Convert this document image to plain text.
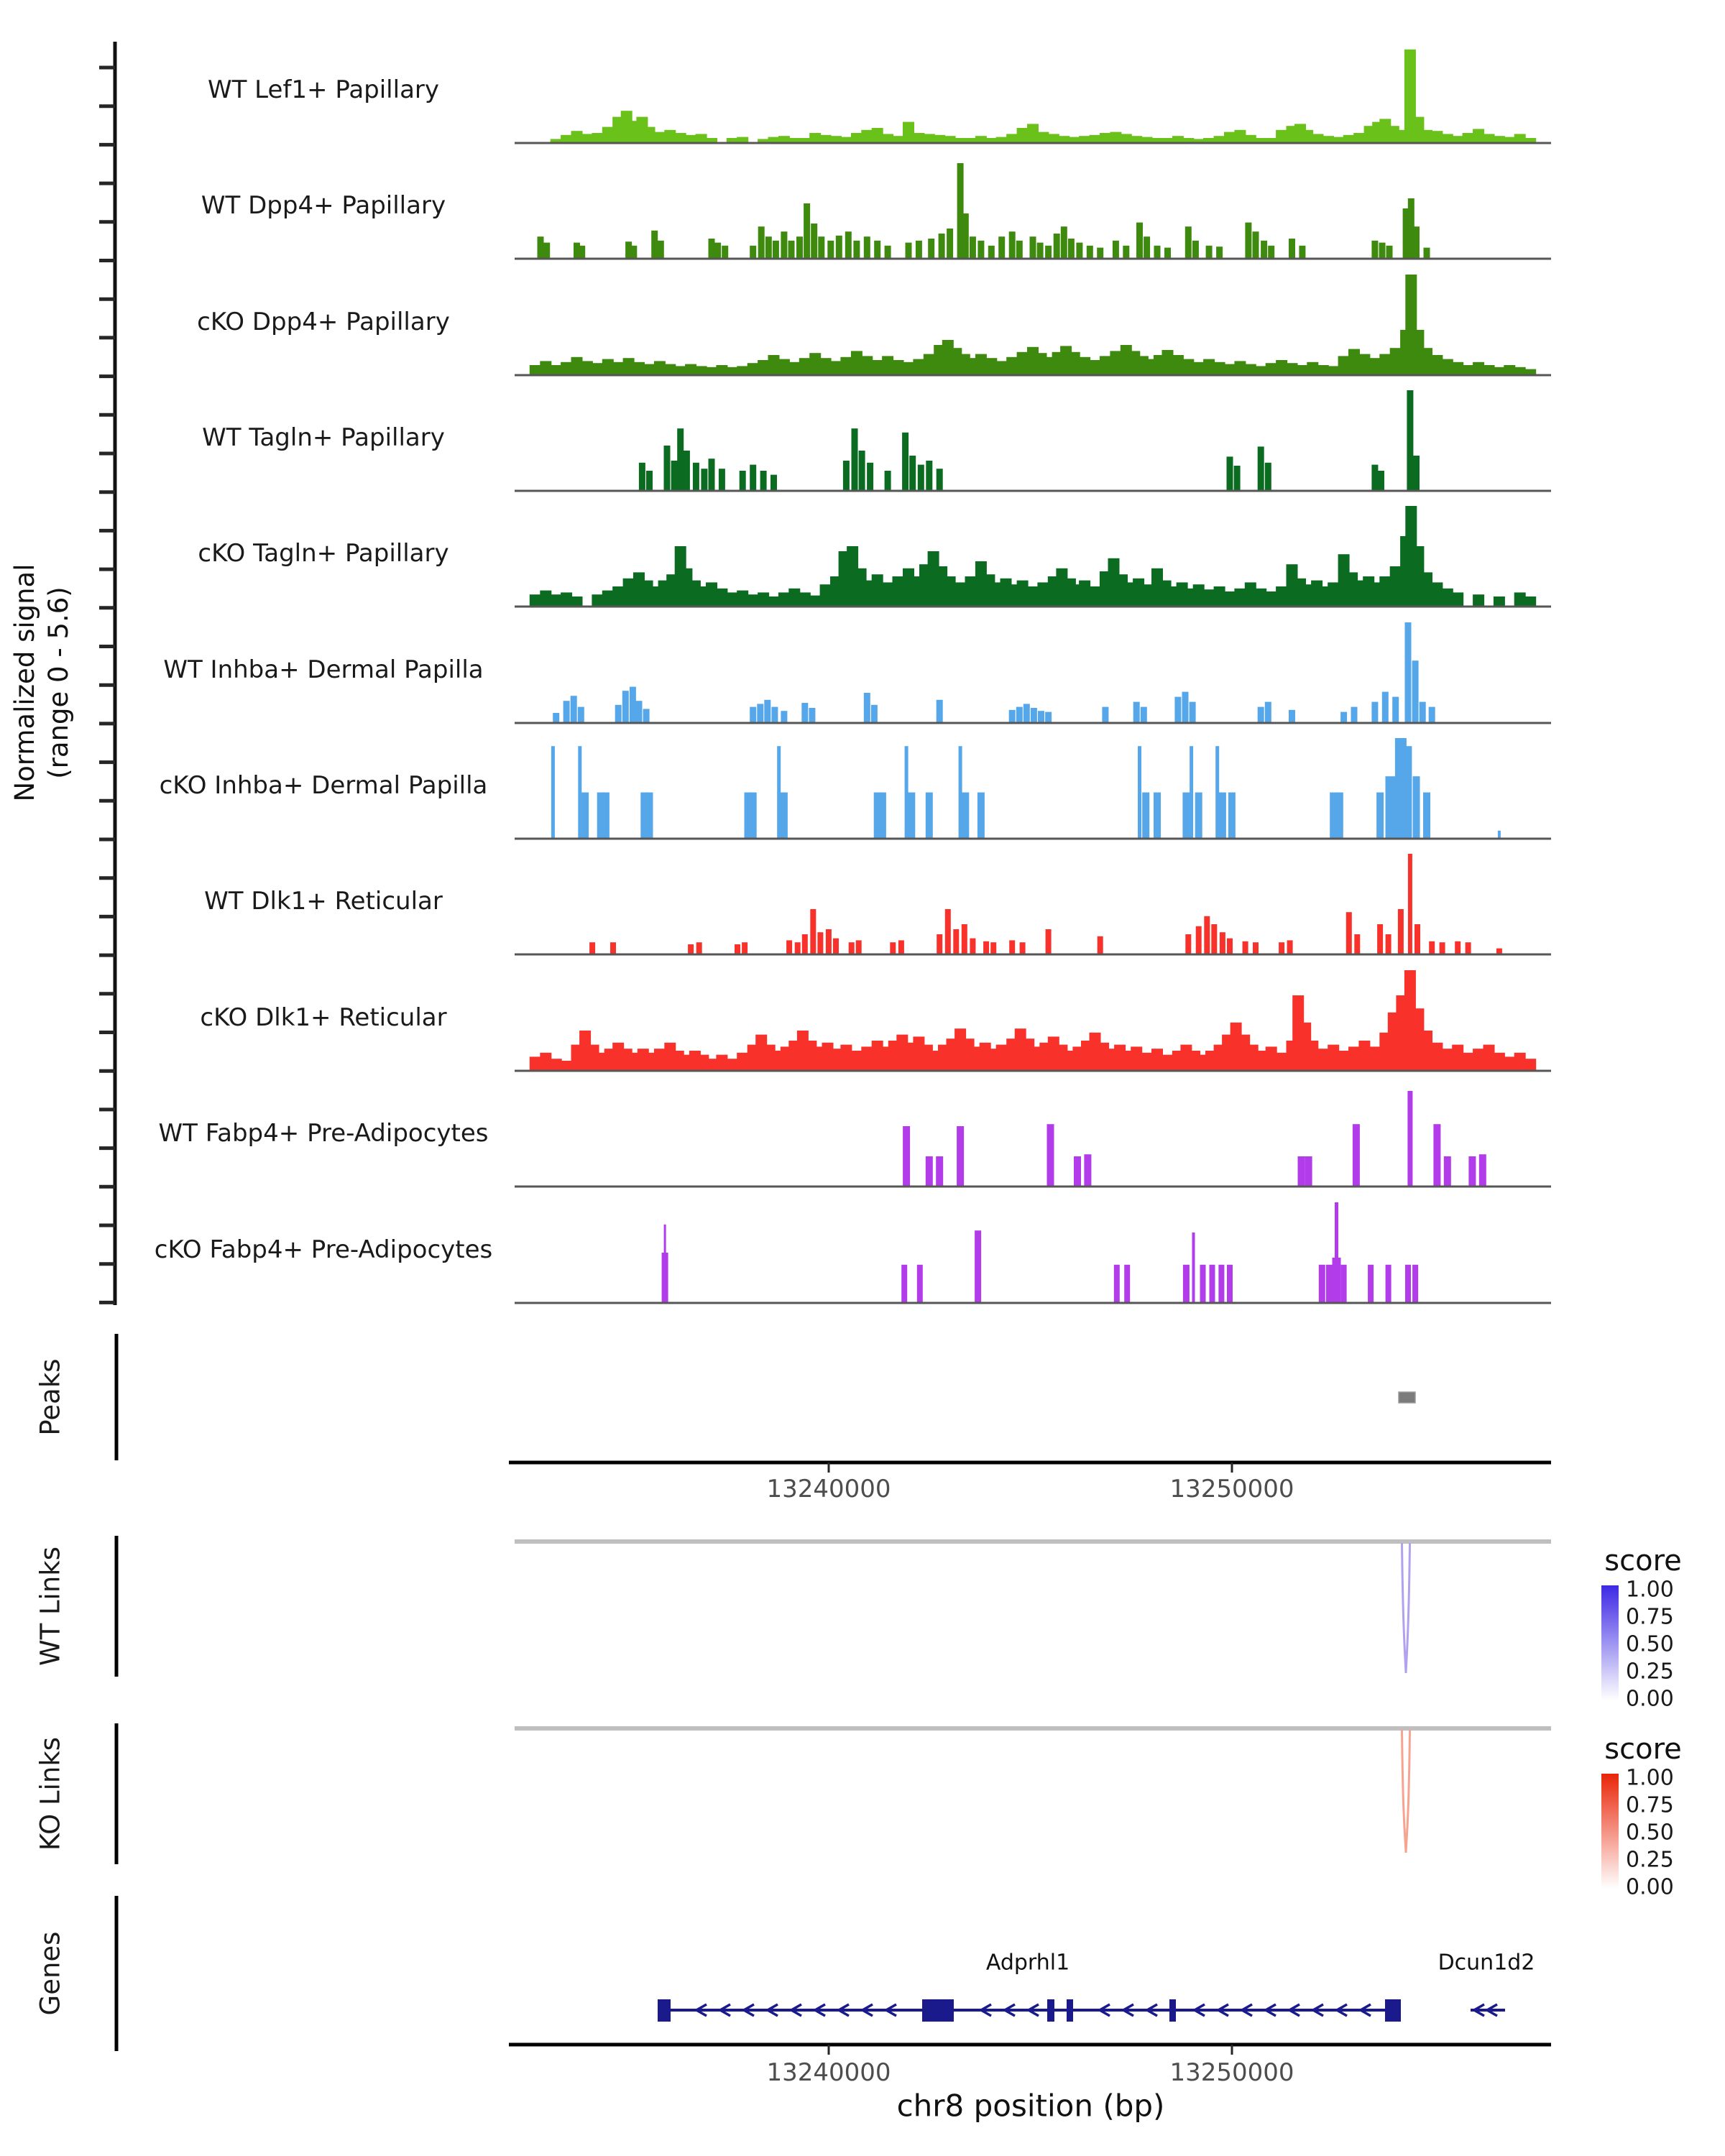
Normalized signal (range 0 - 5.6)
Peaks
WT Links
KO Links
Genes
13240000	13250000
13240000	13250000
chr8 position (bp)
score
score
Adprhl1	Dcun1d2
WT Lef1+ Papillary
WT Dpp4+ Papillary
cKO Dpp4+ Papillary
WT Tagln+ Papillary
cKO Tagln+ Papillary
WT Inhba+ Dermal Papilla
cKO Inhba+ Dermal Papilla
WT Dlk1+ Reticular
cKO Dlk1+ Reticular
WT Fabp4+ Pre-Adipocytes
cKO Fabp4+ Pre-Adipocytes
1.00
0.75
0.50
0.25
0.00
1.00
0.75
0.50
0.25
0.00
